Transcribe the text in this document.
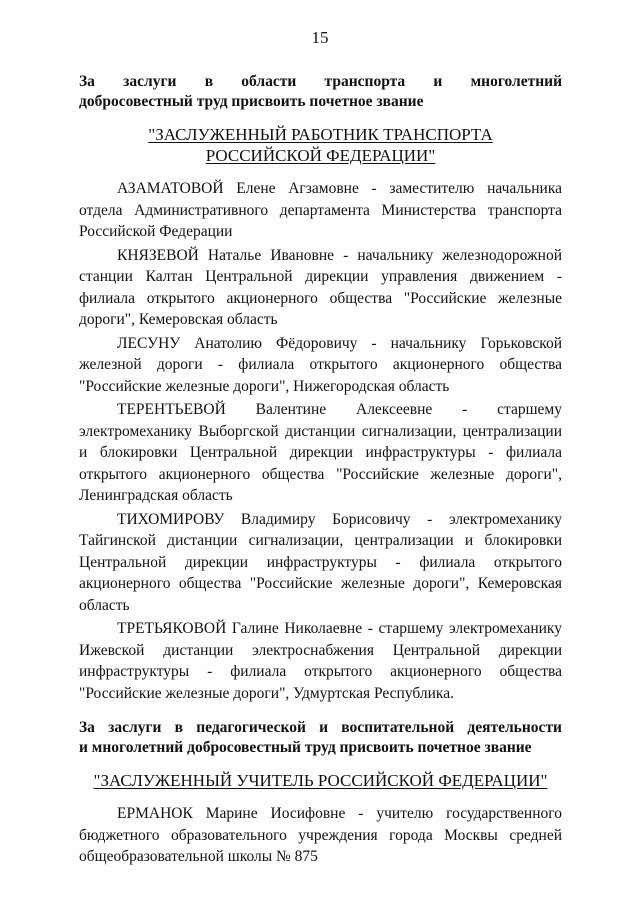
15
За заслуги в области транспорта и многолетний
добросовестный труд присвоить почетное звание
"ЗАСЛУЖЕННЫЙ РАБОТНИК ТРАНСПОРТА
РОССИЙСКОЙ ФЕДЕРАЦИИ"

АЗАМАТОВОЙ Елене Агзамовне - заместителю начальника отдела Административного департамента Министерства транспорта Российской Федерации

КНЯЗЕВОЙ Наталье Ивановне - начальнику железнодорожной станции Калтан Центральной дирекции управления движением - филиала открытого акционерного общества "Российские железные дороги", Кемеровская область

ЛЕСУНУ Анатолию Фёдоровичу - начальнику Горьковской железной дороги - филиала открытого акционерного общества "Российские железные дороги", Нижегородская область

ТЕРЕНТЬЕВОЙ Валентине Алексеевне - старшему электромеханику Выборгской дистанции сигнализации, централизации и блокировки Центральной дирекции инфраструктуры - филиала открытого акционерного общества "Российские железные дороги", Ленинградская область

ТИХОМИРОВУ Владимиру Борисовичу - электромеханику Тайгинской дистанции сигнализации, централизации и блокировки Центральной дирекции инфраструктуры - филиала открытого акционерного общества "Российские железные дороги", Кемеровская область

ТРЕТЬЯКОВОЙ Галине Николаевне - старшему электромеханику Ижевской дистанции электроснабжения Центральной дирекции инфраструктуры - филиала открытого акционерного общества "Российские железные дороги", Удмуртская Республика.

За заслуги в педагогической и воспитательной деятельности
и многолетний добросовестный труд присвоить почетное звание
"ЗАСЛУЖЕННЫЙ УЧИТЕЛЬ РОССИЙСКОЙ ФЕДЕРАЦИИ"

ЕРМАНОК Марине Иосифовне - учителю государственного бюджетного образовательного учреждения города Москвы средней общеобразовательной школы № 875
